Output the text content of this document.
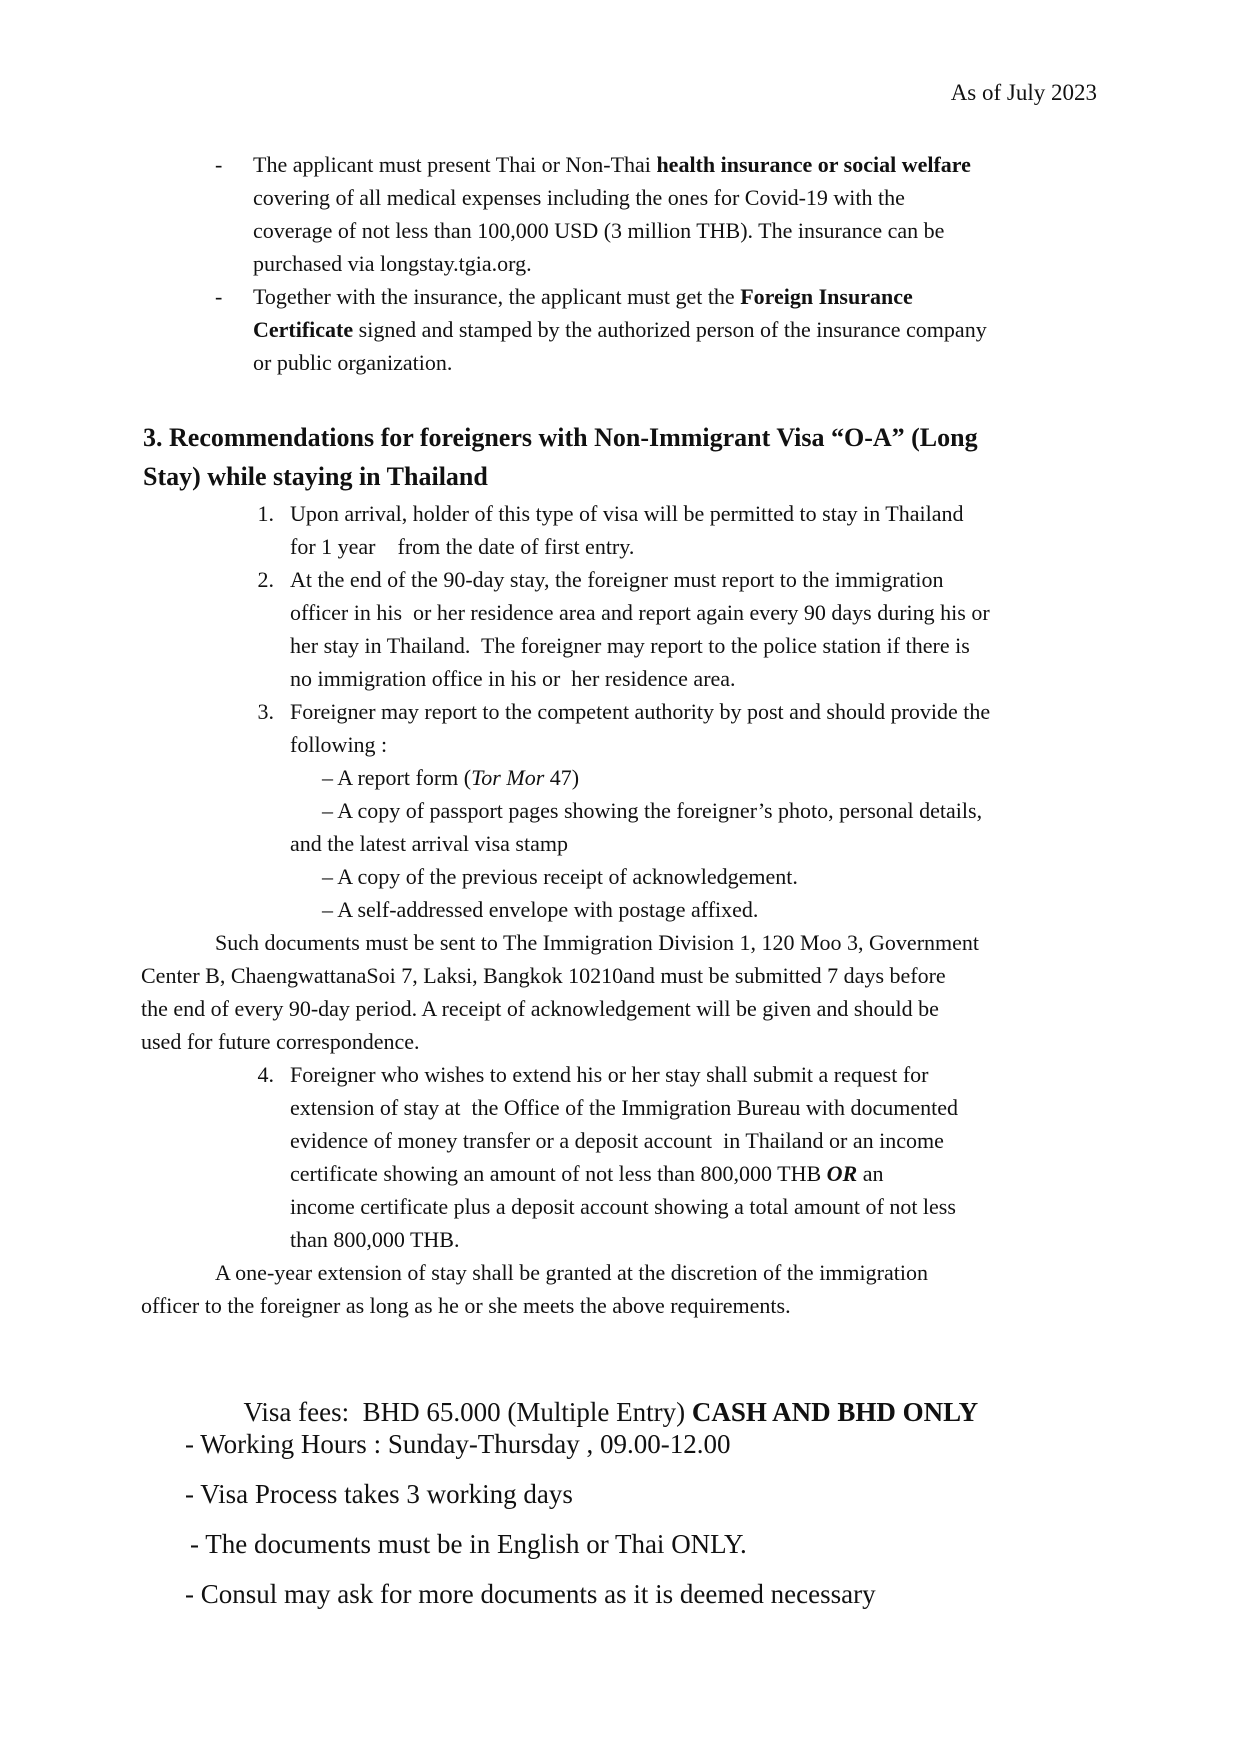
As of July 2023
- The applicant must present Thai or Non-Thai health insurance or social welfare
covering of all medical expenses including the ones for Covid-19 with the
coverage of not less than 100,000 USD (3 million THB). The insurance can be
purchased via longstay.tgia.org.
- Together with the insurance, the applicant must get the Foreign Insurance
Certificate signed and stamped by the authorized person of the insurance company
or public organization.
3. Recommendations for foreigners with Non-Immigrant Visa “O-A” (Long
Stay) while staying in Thailand
1. Upon arrival, holder of this type of visa will be permitted to stay in Thailand
for 1 year    from the date of first entry.
2. At the end of the 90-day stay, the foreigner must report to the immigration
officer in his  or her residence area and report again every 90 days during his or
her stay in Thailand.  The foreigner may report to the police station if there is
no immigration office in his or  her residence area.
3. Foreigner may report to the competent authority by post and should provide the
following :
– A report form (Tor Mor 47)
– A copy of passport pages showing the foreigner’s photo, personal details,
and the latest arrival visa stamp
– A copy of the previous receipt of acknowledgement.
– A self-addressed envelope with postage affixed.
Such documents must be sent to The Immigration Division 1, 120 Moo 3, Government
Center B, ChaengwattanaSoi 7, Laksi, Bangkok 10210and must be submitted 7 days before
the end of every 90-day period. A receipt of acknowledgement will be given and should be
used for future correspondence.
4. Foreigner who wishes to extend his or her stay shall submit a request for
extension of stay at  the Office of the Immigration Bureau with documented
evidence of money transfer or a deposit account  in Thailand or an income
certificate showing an amount of not less than 800,000 THB OR an
income certificate plus a deposit account showing a total amount of not less
than 800,000 THB.
A one-year extension of stay shall be granted at the discretion of the immigration
officer to the foreigner as long as he or she meets the above requirements.

Visa fees:  BHD 65.000 (Multiple Entry) CASH AND BHD ONLY

- Working Hours : Sunday-Thursday , 09.00-12.00
- Visa Process takes 3 working days
- The documents must be in English or Thai ONLY.
- Consul may ask for more documents as it is deemed necessary
